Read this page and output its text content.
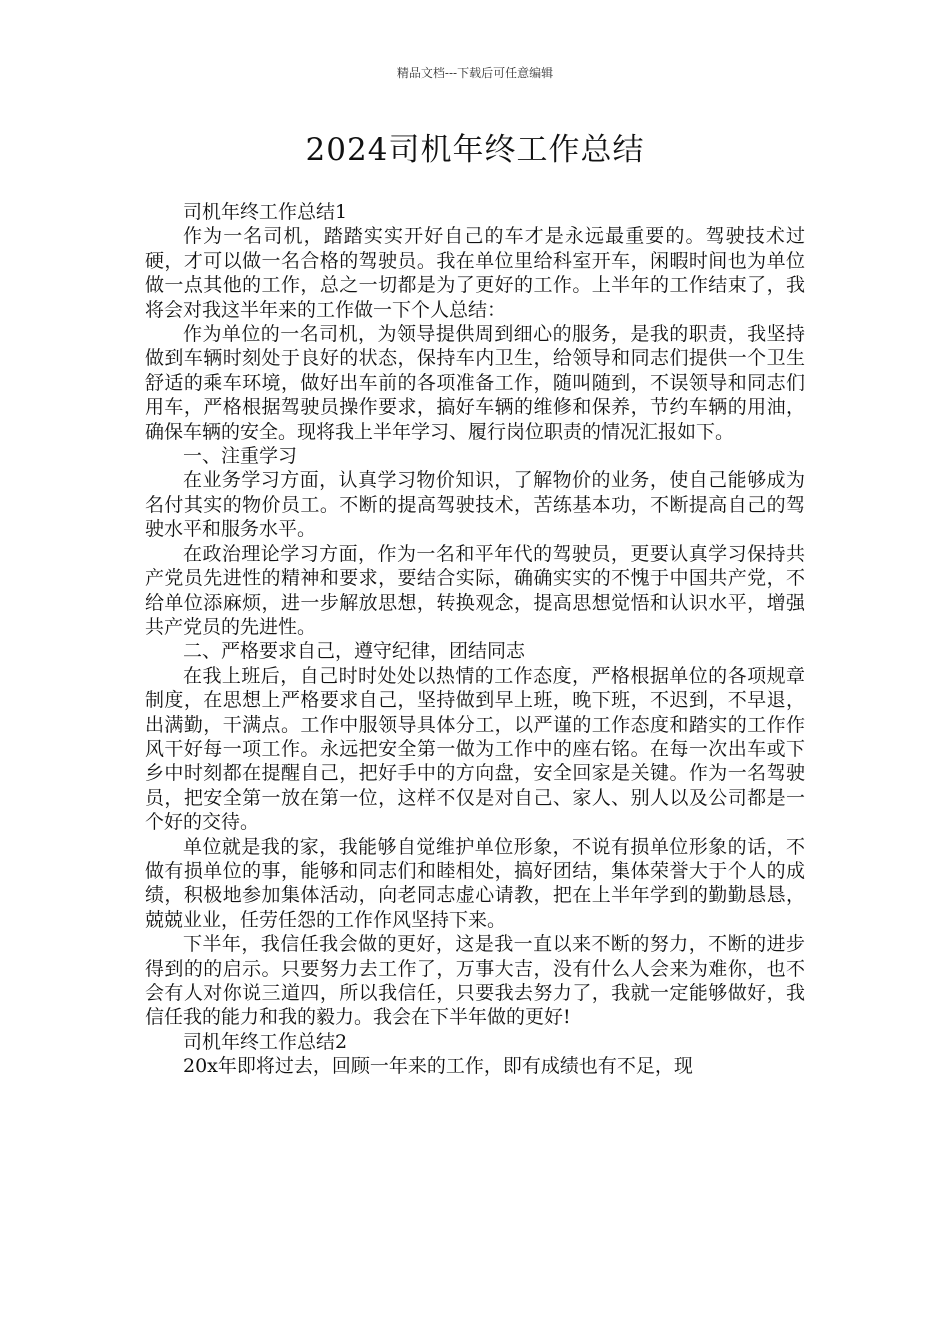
精品文档---下载后可任意编辑
2024司机年终工作总结

司机年终工作总结1

作为一名司机，踏踏实实开好自己的车才是永远最重要的。驾驶技术过硬，才可以做一名合格的驾驶员。我在单位里给科室开车，闲暇时间也为单位做一点其他的工作，总之一切都是为了更好的工作。上半年的工作结束了，我将会对我这半年来的工作做一下个人总结：

作为单位的一名司机，为领导提供周到细心的服务，是我的职责，我坚持做到车辆时刻处于良好的状态，保持车内卫生，给领导和同志们提供一个卫生舒适的乘车环境，做好出车前的各项准备工作，随叫随到，不误领导和同志们用车，严格根据驾驶员操作要求，搞好车辆的维修和保养，节约车辆的用油，确保车辆的安全。现将我上半年学习、履行岗位职责的情况汇报如下。

一、注重学习

在业务学习方面，认真学习物价知识，了解物价的业务，使自己能够成为名付其实的物价员工。不断的提高驾驶技术，苦练基本功，不断提高自己的驾驶水平和服务水平。

在政治理论学习方面，作为一名和平年代的驾驶员，更要认真学习保持共产党员先进性的精神和要求，要结合实际，确确实实的不愧于中国共产党，不给单位添麻烦，进一步解放思想，转换观念，提高思想觉悟和认识水平，增强共产党员的先进性。

二、严格要求自己，遵守纪律，团结同志

在我上班后，自己时时处处以热情的工作态度，严格根据单位的各项规章制度，在思想上严格要求自己，坚持做到早上班，晚下班，不迟到，不早退，出满勤，干满点。工作中服领导具体分工，以严谨的工作态度和踏实的工作作风干好每一项工作。永远把安全第一做为工作中的座右铭。在每一次出车或下乡中时刻都在提醒自己，把好手中的方向盘，安全回家是关键。作为一名驾驶员，把安全第一放在第一位，这样不仅是对自己、家人、别人以及公司都是一个好的交待。

单位就是我的家，我能够自觉维护单位形象，不说有损单位形象的话，不做有损单位的事，能够和同志们和睦相处，搞好团结，集体荣誉大于个人的成绩，积极地参加集体活动，向老同志虚心请教，把在上半年学到的勤勤恳恳，兢兢业业，任劳任怨的工作作风坚持下来。

下半年，我信任我会做的更好，这是我一直以来不断的努力，不断的进步得到的的启示。只要努力去工作了，万事大吉，没有什么人会来为难你，也不会有人对你说三道四，所以我信任，只要我去努力了，我就一定能够做好，我信任我的能力和我的毅力。我会在下半年做的更好!

司机年终工作总结2

20x年即将过去，回顾一年来的工作，即有成绩也有不足，现
